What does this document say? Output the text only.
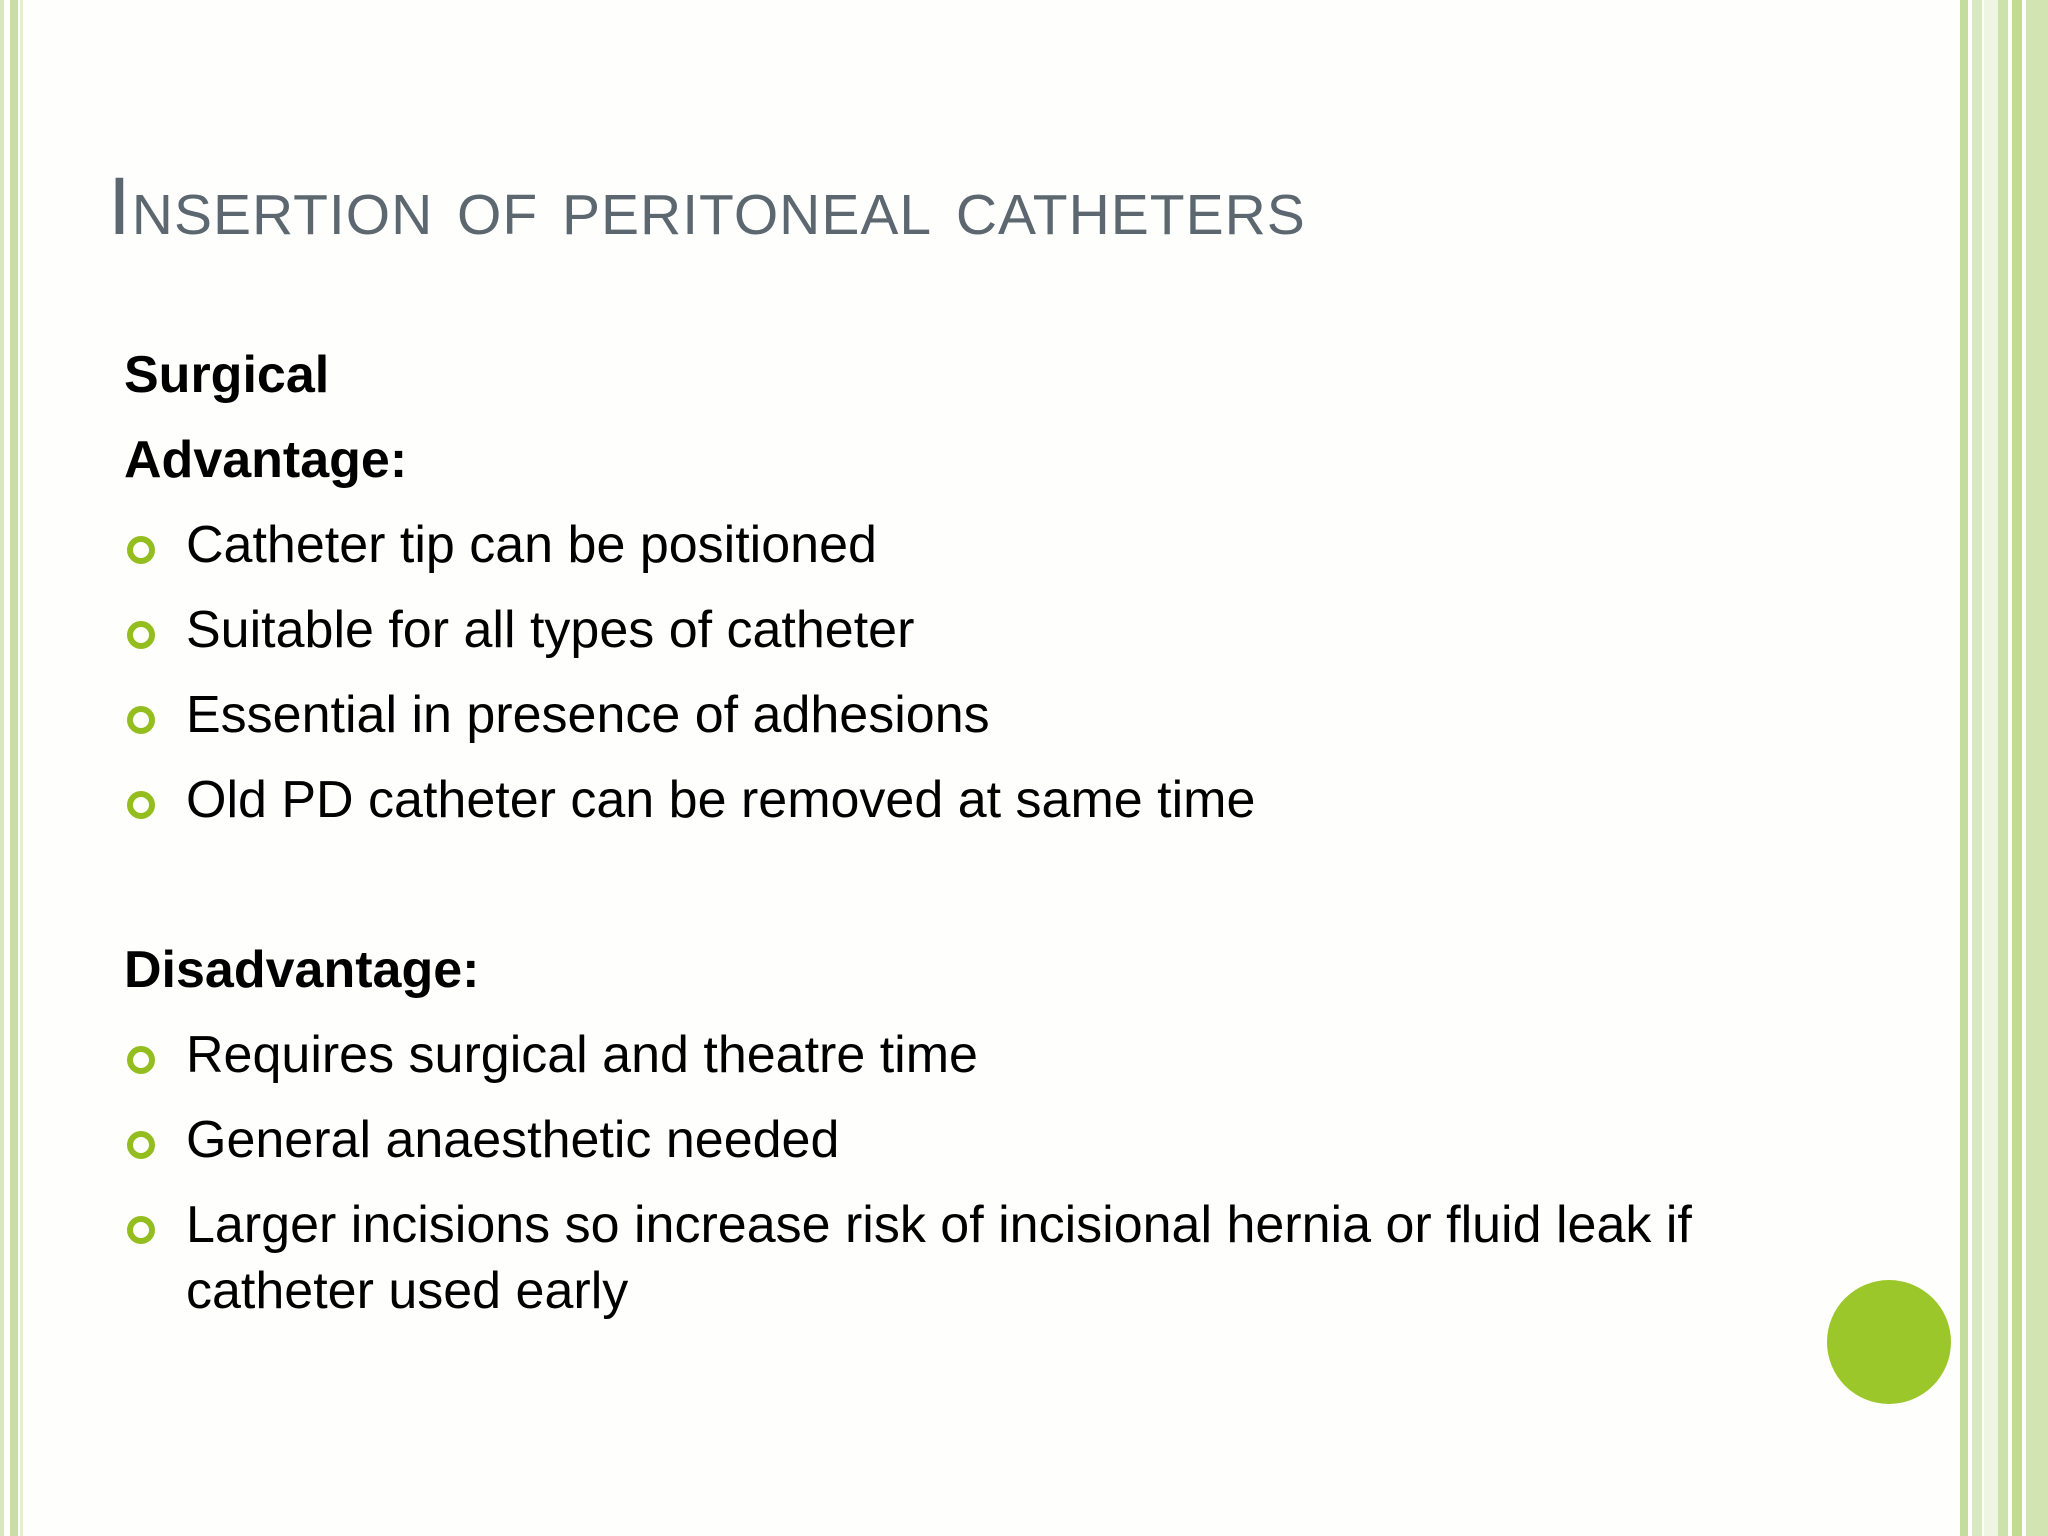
Insertion of peritoneal catheters

Surgical

Advantage:

Catheter tip can be positioned
Suitable for all types of catheter
Essential in presence of adhesions
Old PD catheter can be removed at same time

Disadvantage:

Requires surgical and theatre time
General anaesthetic needed
Larger incisions so increase risk of incisional hernia or fluid leak if catheter used early
